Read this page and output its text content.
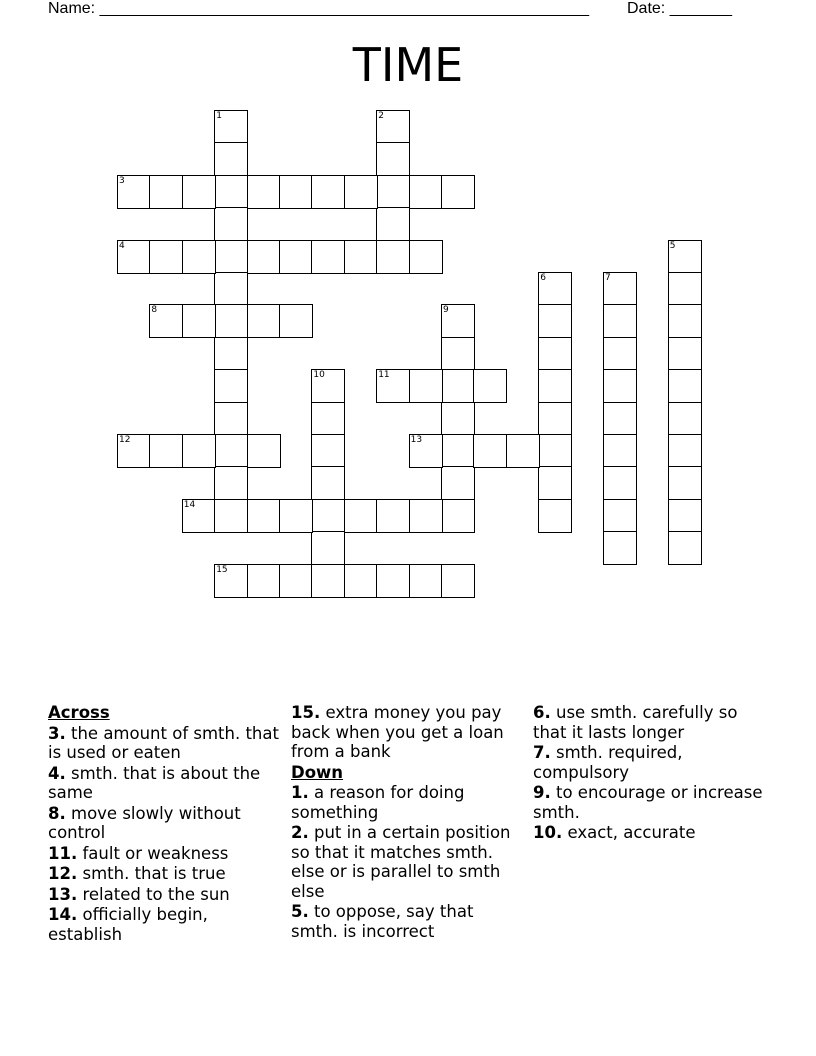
Name: _______________________________________________________ Date: _______
TIME
1	2
3
4	5
6	7
8	9
10	11
12	13
14
15
Across
3. the amount of smth. that is used or eaten
4. smth. that is about the same
8. move slowly without control
11. fault or weakness
12. smth. that is true
13. related to the sun
14. officially begin, establish
15. extra money you pay back when you get a loan from a bank
Down
1. a reason for doing something
2. put in a certain position so that it matches smth. else or is parallel to smth else
5. to oppose, say that smth. is incorrect
6. use smth. carefully so that it lasts longer
7. smth. required, compulsory
9. to encourage or increase smth.
10. exact, accurate
